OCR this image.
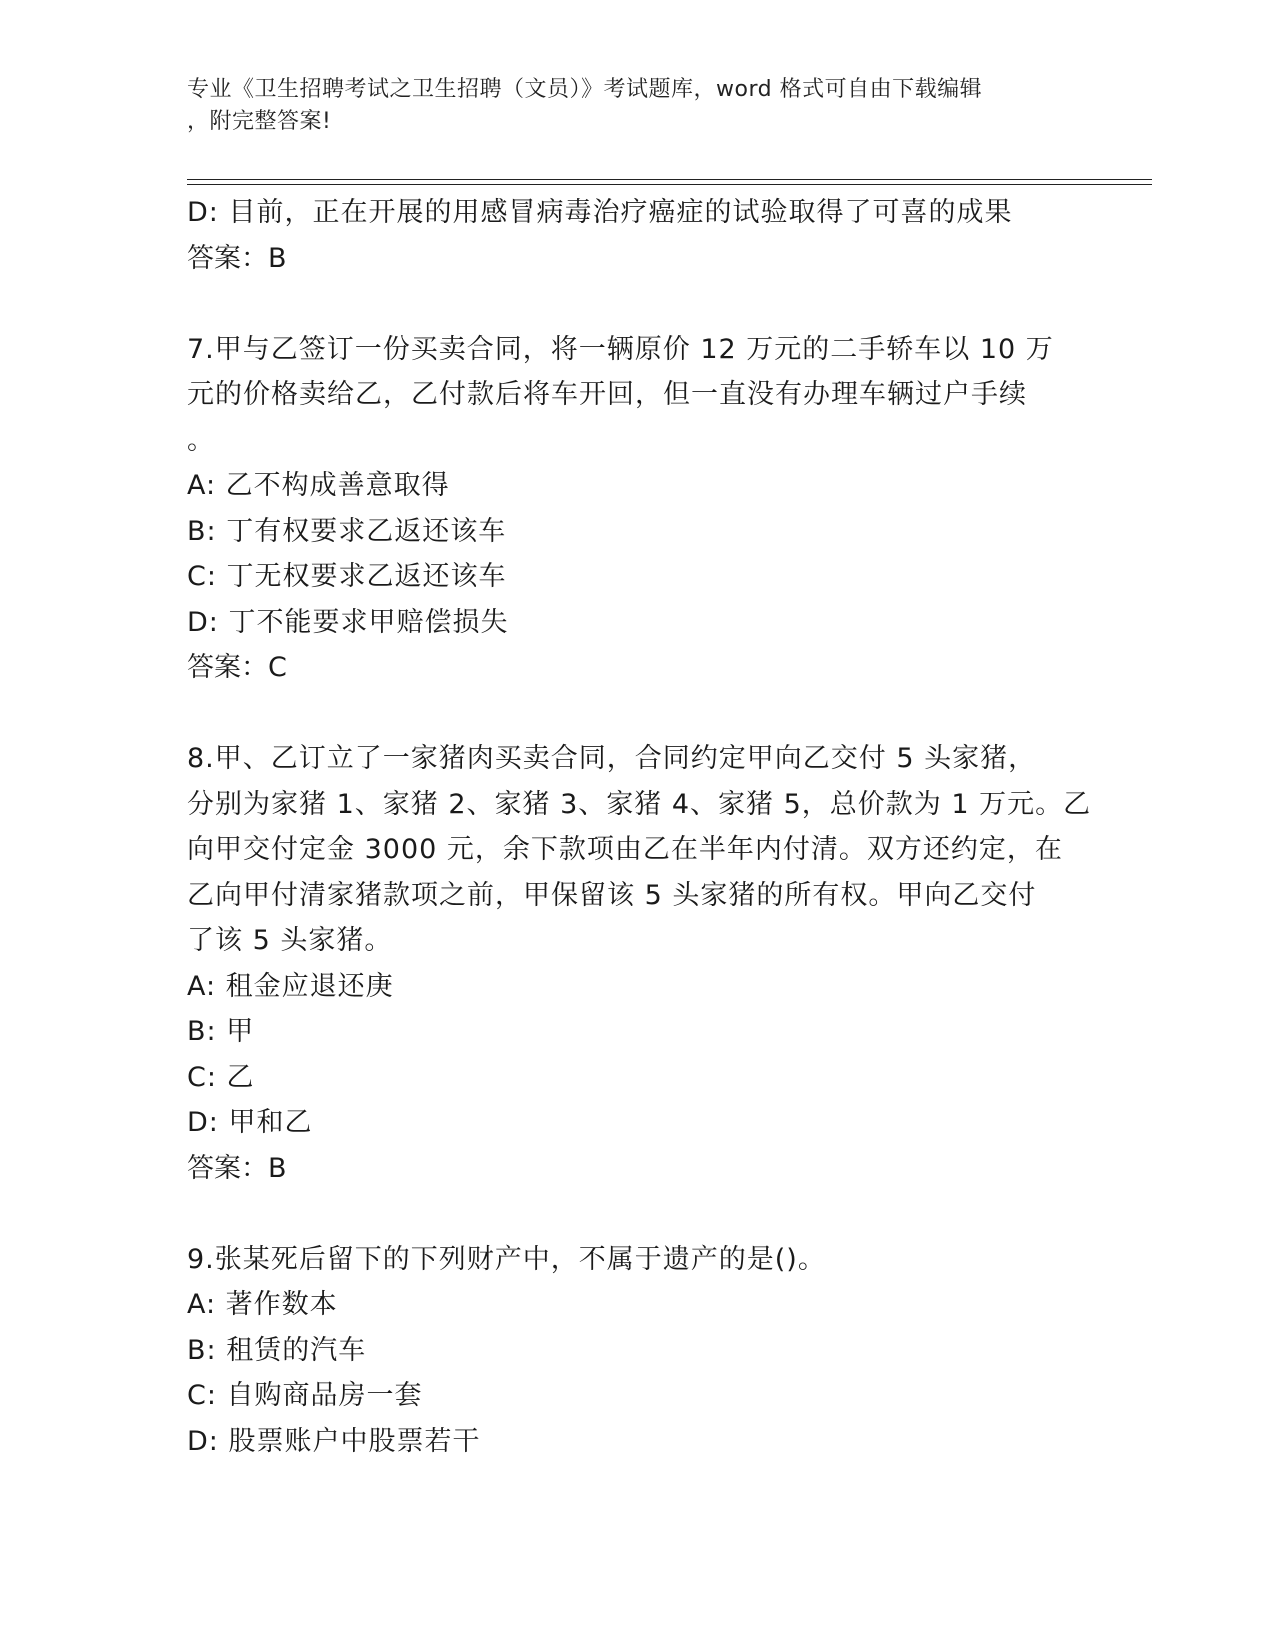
专业《卫生招聘考试之卫生招聘（文员）》考试题库，word 格式可自由下载编辑
，附完整答案!
D: 目前，正在开展的用感冒病毒治疗癌症的试验取得了可喜的成果
答案：B
7.甲与乙签订一份买卖合同，将一辆原价 12 万元的二手轿车以 10 万
元的价格卖给乙，乙付款后将车开回，但一直没有办理车辆过户手续
。
A: 乙不构成善意取得
B: 丁有权要求乙返还该车
C: 丁无权要求乙返还该车
D: 丁不能要求甲赔偿损失
答案：C
8.甲、乙订立了一家猪肉买卖合同，合同约定甲向乙交付 5 头家猪，
分别为家猪 1、家猪 2、家猪 3、家猪 4、家猪 5，总价款为 1 万元。乙
向甲交付定金 3000 元，余下款项由乙在半年内付清。双方还约定，在
乙向甲付清家猪款项之前，甲保留该 5 头家猪的所有权。甲向乙交付
了该 5 头家猪。
A: 租金应退还庚
B: 甲
C: 乙
D: 甲和乙
答案：B
9.张某死后留下的下列财产中，不属于遗产的是()。
A: 著作数本
B: 租赁的汽车
C: 自购商品房一套
D: 股票账户中股票若干
